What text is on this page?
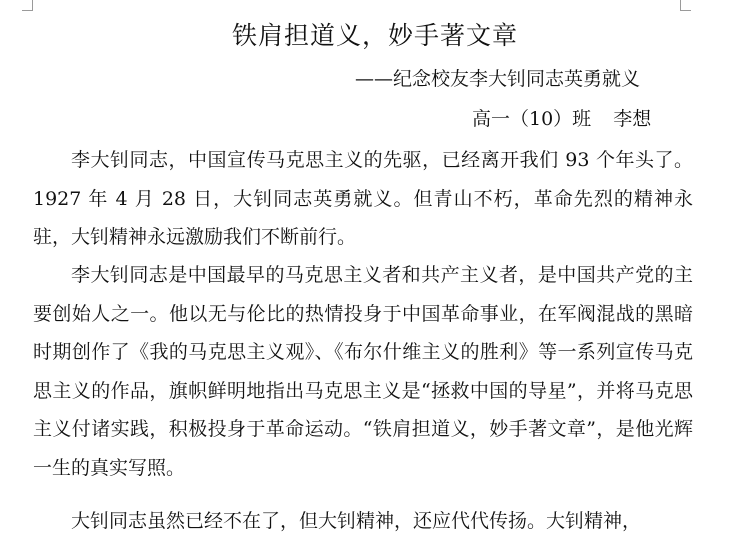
铁肩担道义，妙手著文章
——纪念校友李大钊同志英勇就义
高一（10）班 李想

李大钊同志，中国宣传马克思主义的先驱，已经离开我们 93 个年头了。1927 年 4 月 28 日，大钊同志英勇就义。但青山不朽，革命先烈的精神永驻，大钊精神永远激励我们不断前行。

李大钊同志是中国最早的马克思主义者和共产主义者，是中国共产党的主要创始人之一。他以无与伦比的热情投身于中国革命事业，在军阀混战的黑暗时期创作了《我的马克思主义观》、《布尔什维主义的胜利》等一系列宣传马克思主义的作品，旗帜鲜明地指出马克思主义是“拯救中国的导星”，并将马克思主义付诸实践，积极投身于革命运动。“铁肩担道义，妙手著文章”，是他光辉一生的真实写照。

大钊同志虽然已经不在了，但大钊精神，还应代代传扬。大钊精神，
